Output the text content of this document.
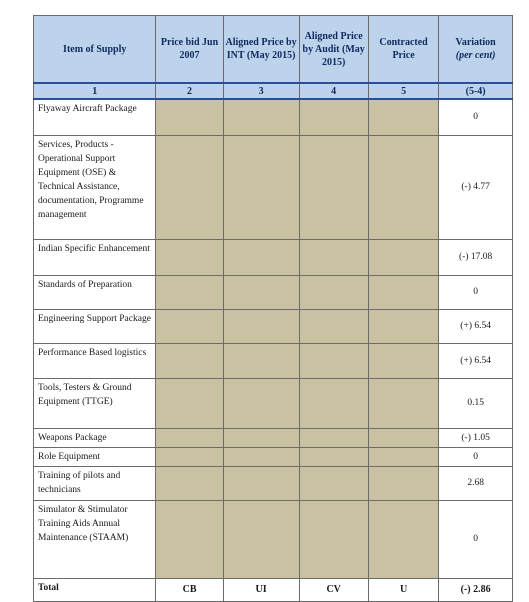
Item of Supply	Price bid Jun 2007	Aligned Price by INT (May 2015)	Aligned Price by Audit (May 2015)	Contracted Price	Variation
(per cent)
1	2	3	4	5	(5-4)
Flyaway Aircraft Package					0
Services, Products - Operational Support Equipment (OSE) & Technical Assistance, documentation, Programme management					(-) 4.77
Indian Specific Enhancement					(-) 17.08
Standards of Preparation					0
Engineering Support Package					(+) 6.54
Performance Based logistics					(+) 6.54
Tools, Testers & Ground Equipment (TTGE)					0.15
Weapons Package					(-) 1.05
Role Equipment					0
Training of pilots and technicians					2.68
Simulator & Stimulator Training Aids Annual Maintenance (STAAM)					0
Total	CB	UI	CV	U	(-) 2.86
